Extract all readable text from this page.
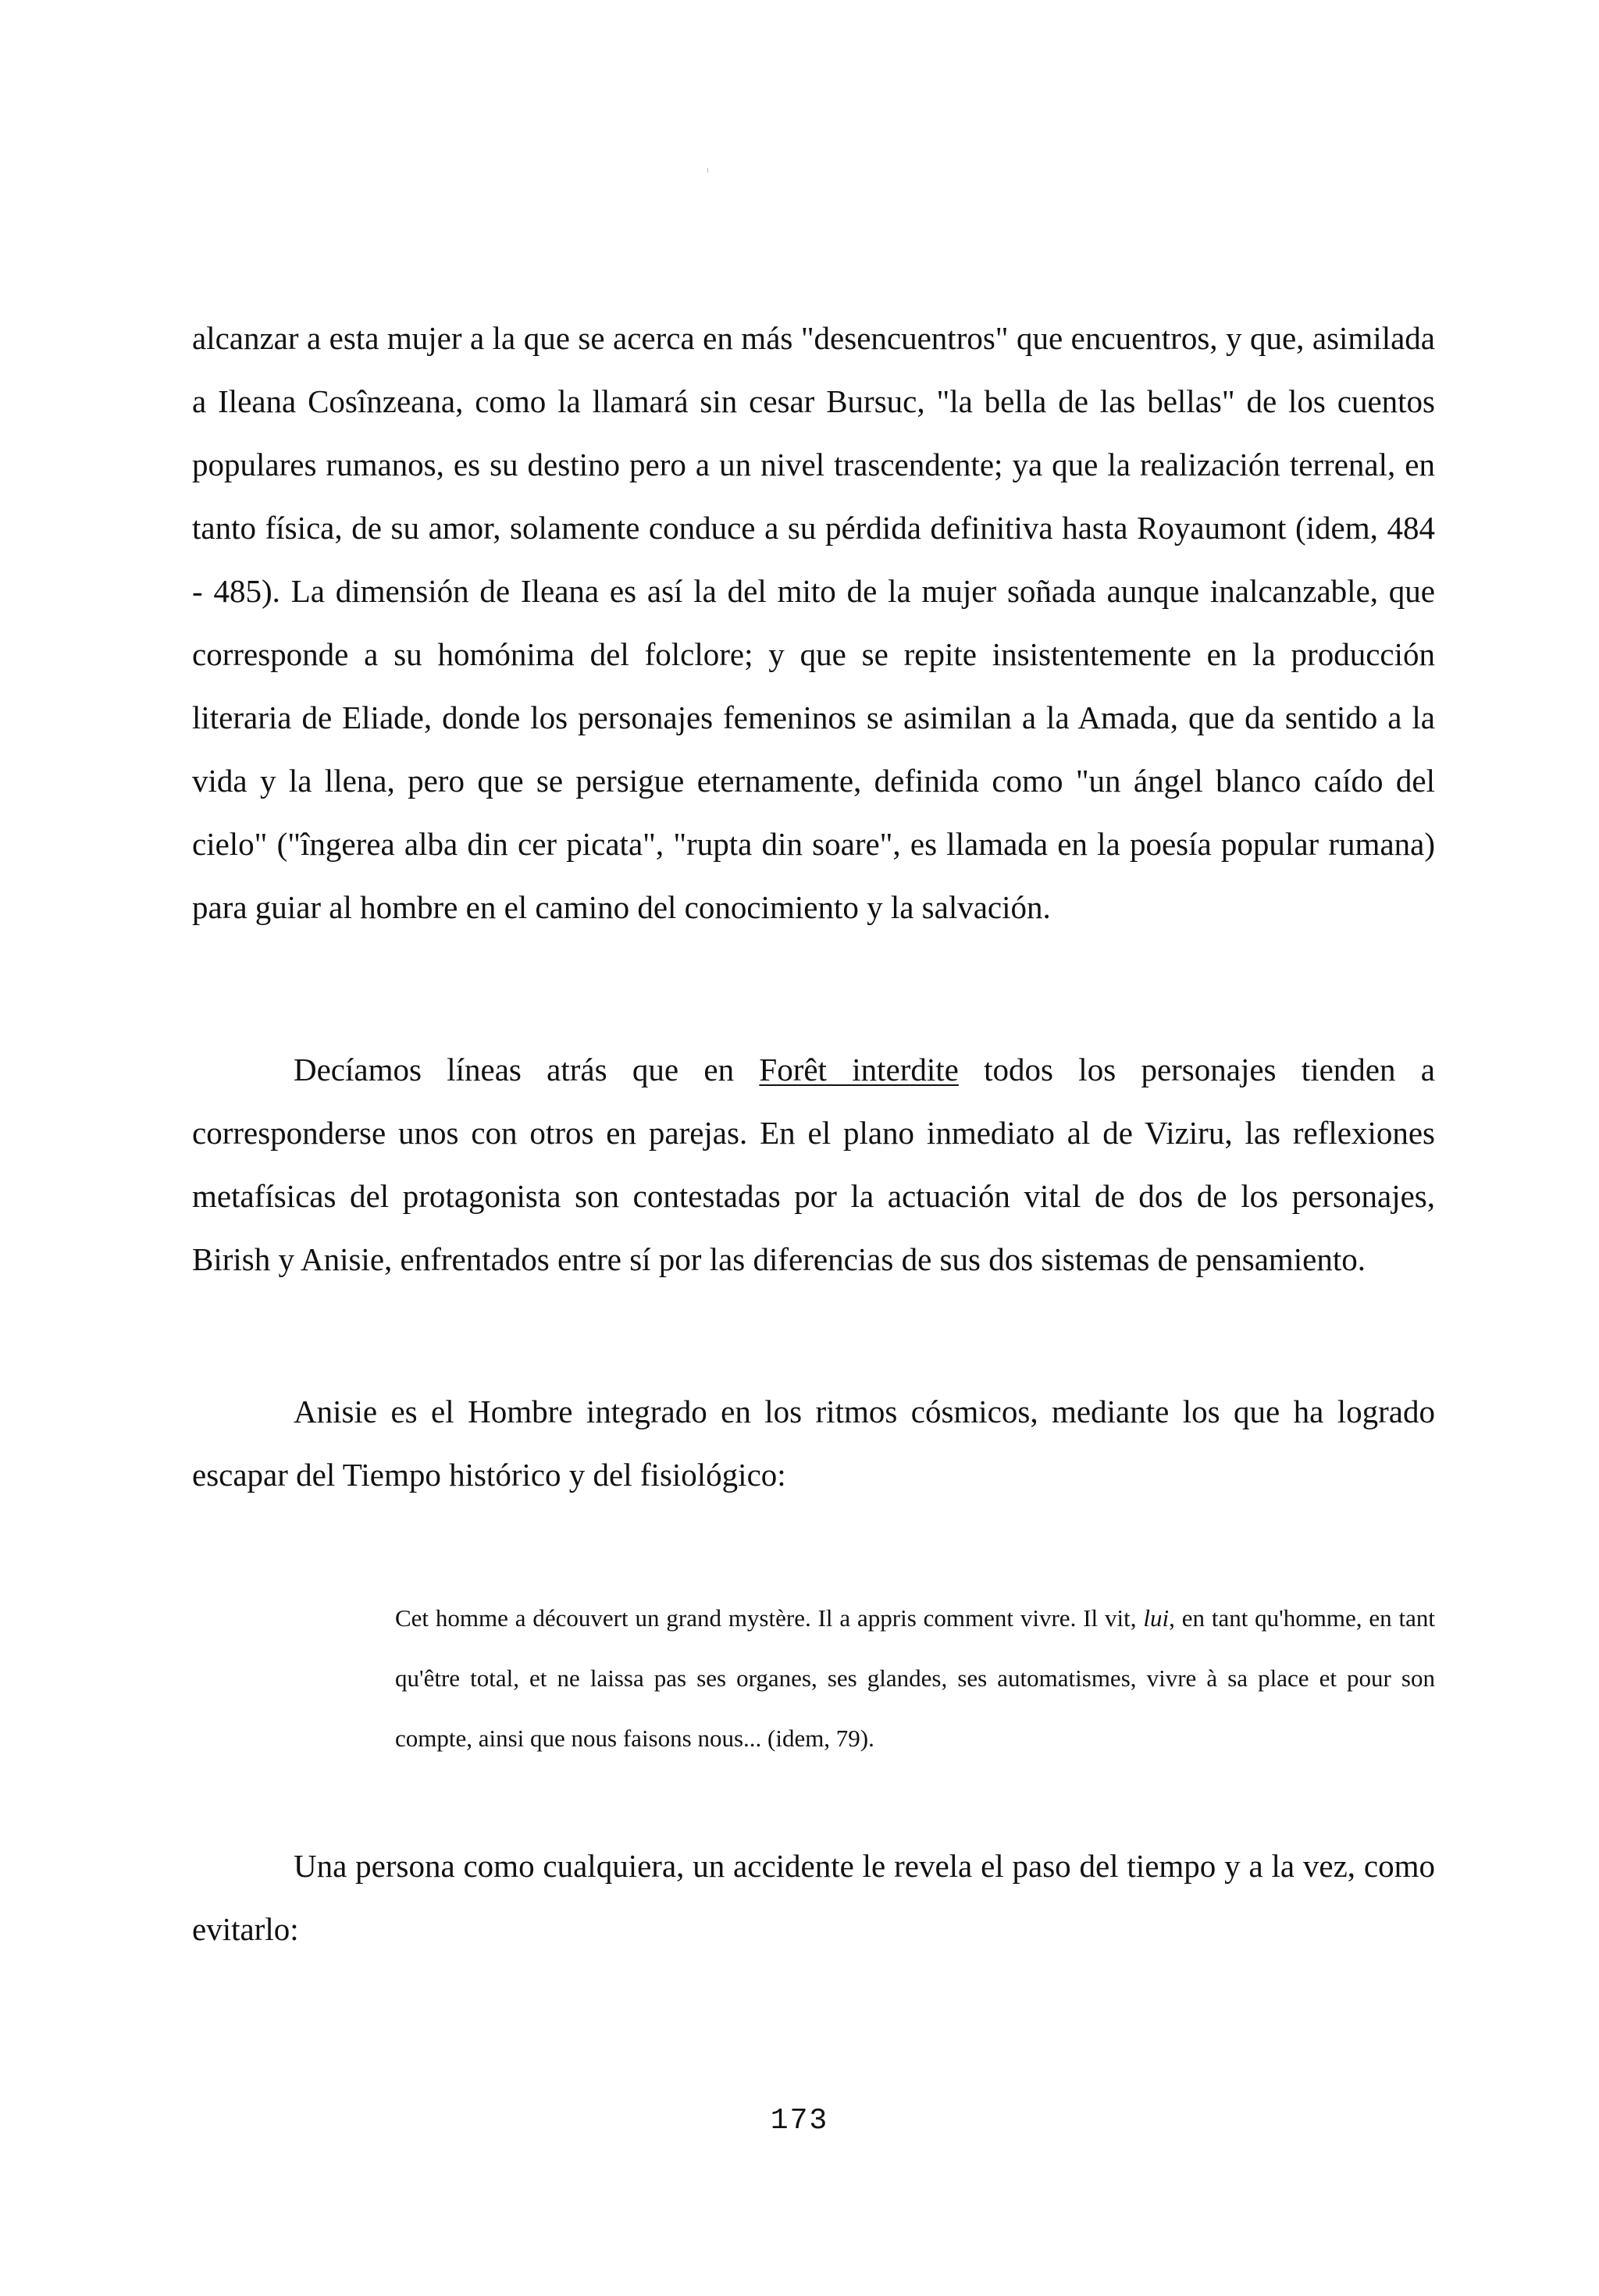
alcanzar a esta mujer a la que se acerca en más "desencuentros" que encuentros, y que, asimilada a Ileana Cosînzeana, como la llamará sin cesar Bursuc, "la bella de las bellas" de los cuentos populares rumanos, es su destino pero a un nivel trascendente; ya que la realización terrenal, en tanto física, de su amor, solamente conduce a su pérdida definitiva hasta Royaumont (idem, 484 - 485). La dimensión de Ileana es así la del mito de la mujer soñada aunque inalcanzable, que corresponde a su homónima del folclore; y que se repite insistentemente en la producción literaria de Eliade, donde los personajes femeninos se asimilan a la Amada, que da sentido a la vida y la llena, pero que se persigue eternamente, definida como "un ángel blanco caído del cielo" ("îngerea alba din cer picata", "rupta din soare", es llamada en la poesía popular rumana) para guiar al hombre en el camino del conocimiento y la salvación.

Decíamos líneas atrás que en Forêt interdite todos los personajes tienden a corresponderse unos con otros en parejas. En el plano inmediato al de Viziru, las reflexiones metafísicas del protagonista son contestadas por la actuación vital de dos de los personajes, Birish y Anisie, enfrentados entre sí por las diferencias de sus dos sistemas de pensamiento.

Anisie es el Hombre integrado en los ritmos cósmicos, mediante los que ha logrado escapar del Tiempo histórico y del fisiológico:

Cet homme a découvert un grand mystère. Il a appris comment vivre. Il vit, lui, en tant qu'homme, en tant qu'être total, et ne laissa pas ses organes, ses glandes, ses automatismes, vivre à sa place et pour son compte, ainsi que nous faisons nous... (idem, 79).

Una persona como cualquiera, un accidente le revela el paso del tiempo y a la vez, como evitarlo:

173
